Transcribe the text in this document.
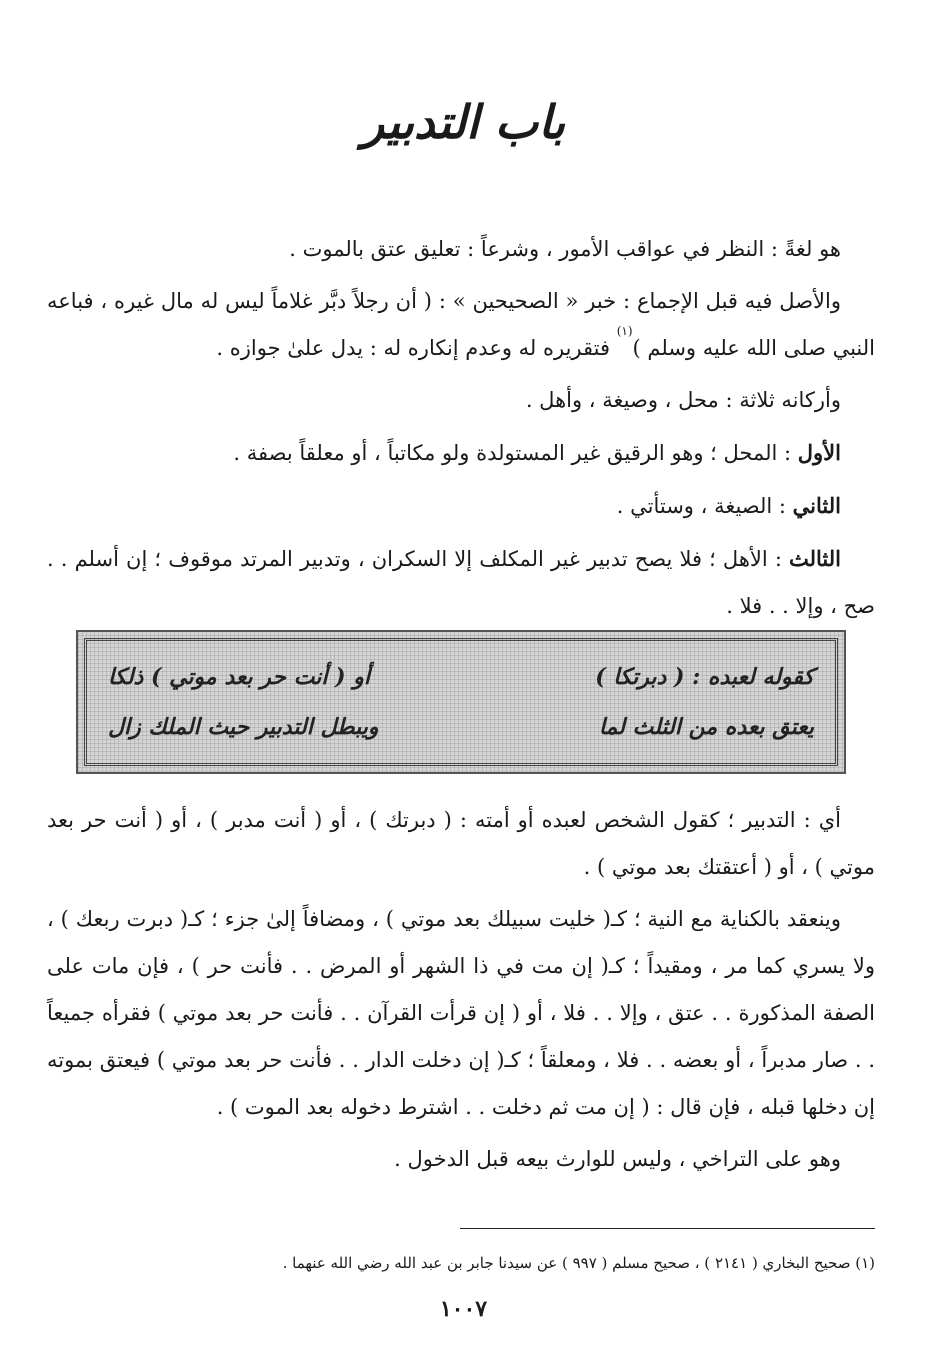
باب التدبير

هو لغةً : النظر في عواقب الأمور ، وشرعاً : تعليق عتق بالموت .

والأصل فيه قبل الإجماع : خبر « الصحيحين » : ( أن رجلاً دبَّر غلاماً ليس له مال غيره ، فباعه النبي صلى الله عليه وسلم )$^{(١)}$ فتقريره له وعدم إنكاره له : يدل علىٰ جوازه .

وأركانه ثلاثة : محل ، وصيغة ، وأهل .

الأول : المحل ؛ وهو الرقيق غير المستولدة ولو مكاتباً ، أو معلقاً بصفة .

الثاني : الصيغة ، وستأتي .

الثالث : الأهل ؛ فلا يصح تدبير غير المكلف إلا السكران ، وتدبير المرتد موقوف ؛ إن أسلم . . صح ، وإلا . . فلا .

كقوله لعبده : ( دبرتكا )
أو ( أنت حر بعد موتي ) ذلكا
يعتق بعده من الثلث لما
ويبطل التدبير حيث الملك زال

أي : التدبير ؛ كقول الشخص لعبده أو أمته : ( دبرتك ) ، أو ( أنت مدبر ) ، أو ( أنت حر بعد موتي ) ، أو ( أعتقتك بعد موتي ) .

وينعقد بالكناية مع النية ؛ كـ( خليت سبيلك بعد موتي ) ، ومضافاً إلىٰ جزء ؛ كـ( دبرت ربعك ) ، ولا يسري كما مر ، ومقيداً ؛ كـ( إن مت في ذا الشهر أو المرض . . فأنت حر ) ، فإن مات على الصفة المذكورة . . عتق ، وإلا . . فلا ، أو ( إن قرأت القرآن . . فأنت حر بعد موتي ) فقرأه جميعاً . . صار مدبراً ، أو بعضه . . فلا ، ومعلقاً ؛ كـ( إن دخلت الدار . . فأنت حر بعد موتي ) فيعتق بموته إن دخلها قبله ، فإن قال : ( إن مت ثم دخلت . . اشترط دخوله بعد الموت ) .

وهو على التراخي ، وليس للوارث بيعه قبل الدخول .

(١) صحيح البخاري ( ٢١٤١ ) ، صحيح مسلم ( ٩٩٧ ) عن سيدنا جابر بن عبد الله رضي الله عنهما .
١٠٠٧
